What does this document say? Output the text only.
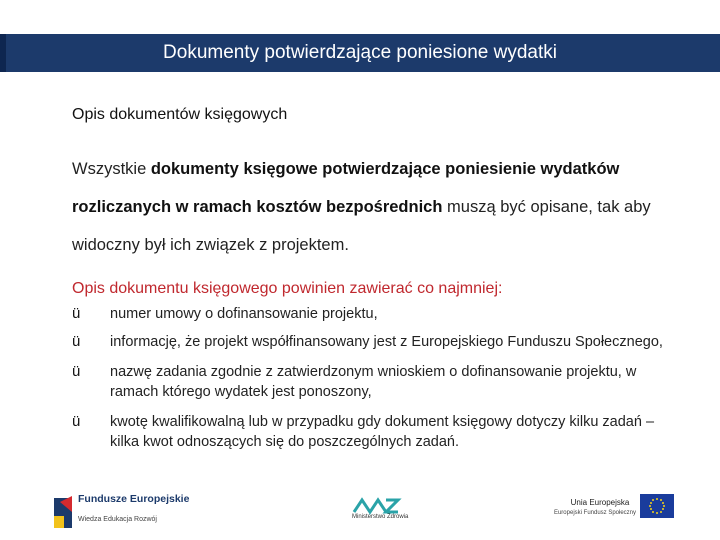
Dokumenty potwierdzające poniesione wydatki
Opis dokumentów księgowych
Wszystkie dokumenty księgowe potwierdzające poniesienie wydatków rozliczanych w ramach kosztów bezpośrednich muszą być opisane, tak aby widoczny był ich związek z projektem.
Opis dokumentu księgowego powinien zawierać co najmniej:
ü numer umowy o dofinansowanie projektu,
ü informację, że projekt współfinansowany jest z Europejskiego Funduszu Społecznego,
ü nazwę zadania zgodnie z zatwierdzonym wnioskiem o dofinansowanie projektu, w ramach którego wydatek jest ponoszony,
ü kwotę kwalifikowalną lub w przypadku gdy dokument księgowy dotyczy kilku zadań – kilka kwot odnoszących się do poszczególnych zadań.
Fundusze Europejskie
Wiedza Edukacja Rozwój	Ministerstwo Zdrowia
Unia Europejska
Europejski Fundusz Społeczny
